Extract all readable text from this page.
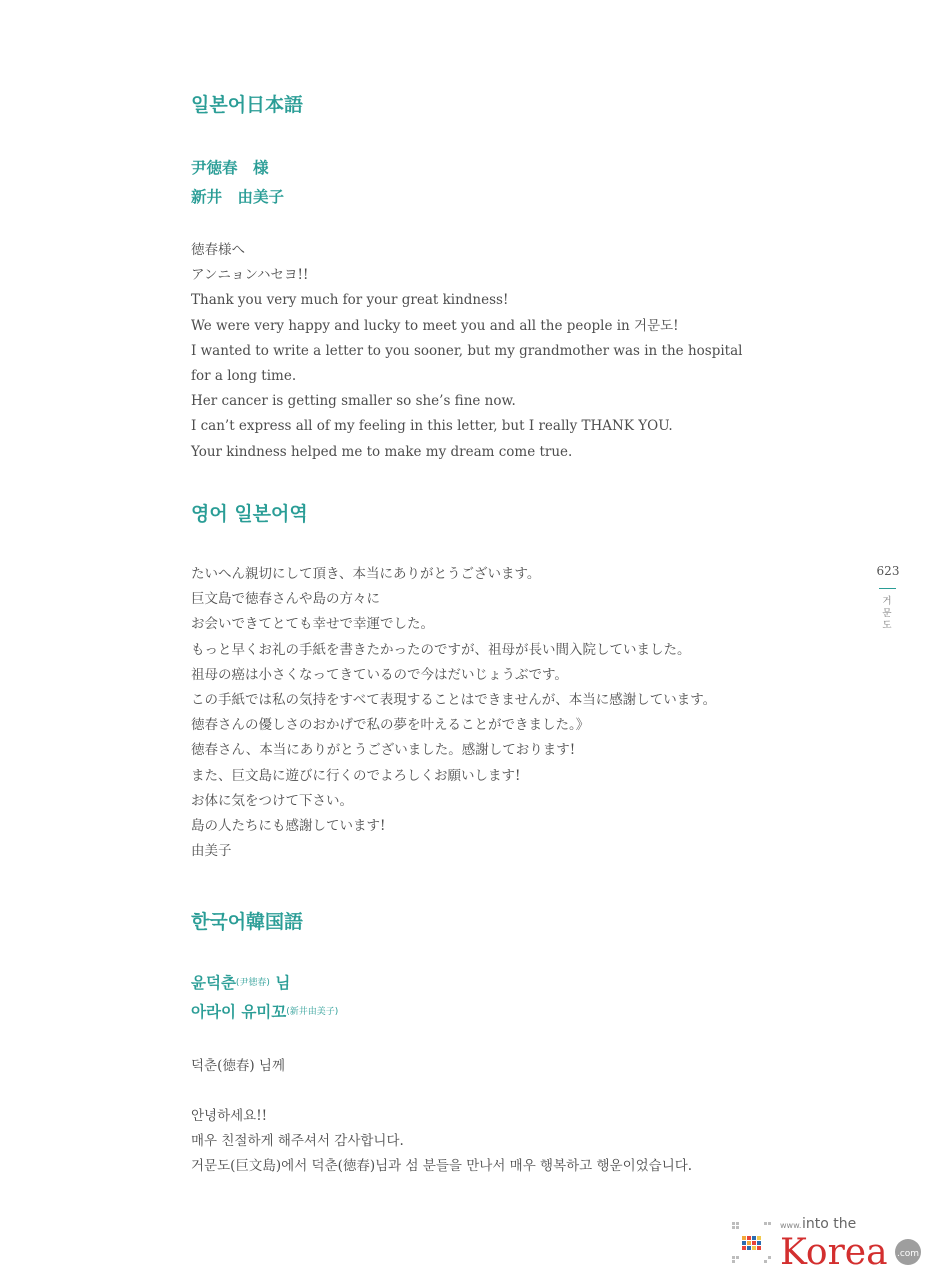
일본어日本語
尹徳春　様
新井　由美子
徳春様へ
アンニョンハセヨ!!
Thank you very much for your great kindness!
We were very happy and lucky to meet you and all the people in 거문도!
I wanted to write a letter to you sooner, but my grandmother was in the hospital
for a long time.
Her cancer is getting smaller so she’s fine now.
I can’t express all of my feeling in this letter, but I really THANK YOU.
Your kindness helped me to make my dream come true.
영어 일본어역
たいへん親切にして頂き、本当にありがとうございます。
巨文島で徳春さんや島の方々に
お会いできてとても幸せで幸運でした。
もっと早くお礼の手紙を書きたかったのですが、祖母が長い間入院していました。
祖母の癌は小さくなってきているので今はだいじょうぶです。
この手紙では私の気持をすべて表現することはできませんが、本当に感謝しています。
徳春さんの優しさのおかげで私の夢を叶えることができました。》
徳春さん、本当にありがとうございました。感謝しております!
また、巨文島に遊びに行くのでよろしくお願いします!
お体に気をつけて下さい。
島の人たちにも感謝しています!
由美子
한국어韓国語
윤덕춘(尹徳春) 님
아라이 유미꼬(新井由美子)
덕춘(徳春) 님께
안녕하세요!!
매우 친절하게 해주셔서 감사합니다.
거문도(巨文島)에서 덕춘(徳春)님과 섬 분들을 만나서 매우 행복하고 행운이었습니다.
623
거문도
www. into the
Korea .com
